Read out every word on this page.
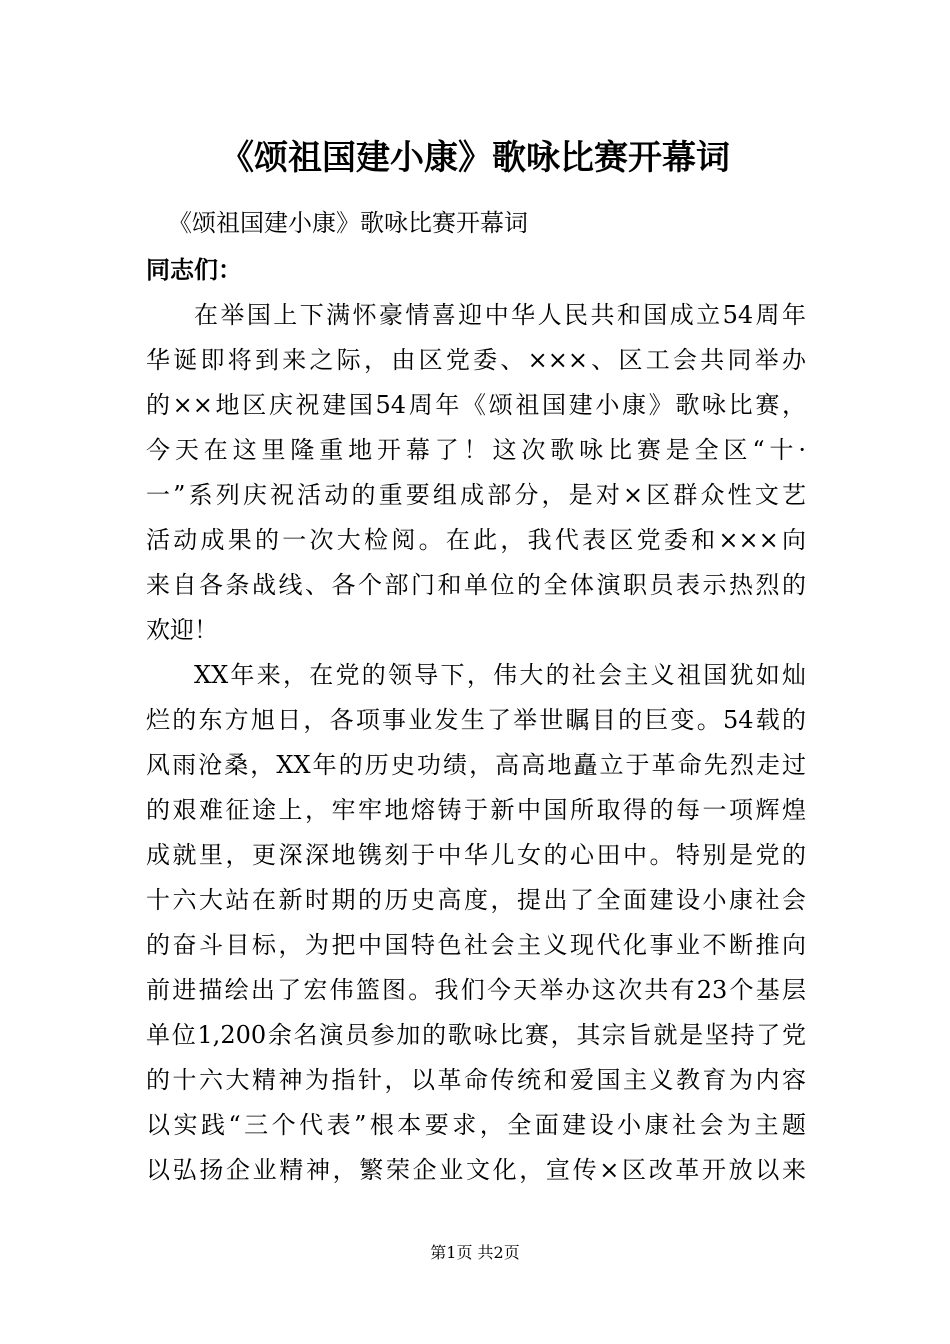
《颂祖国建小康》歌咏比赛开幕词
《颂祖国建小康》歌咏比赛开幕词
同志们：
在举国上下满怀豪情喜迎中华人民共和国成立54周年
华诞即将到来之际，由区党委、×××、区工会共同举办
的××地区庆祝建国54周年《颂祖国建小康》歌咏比赛，
今天在这里隆重地开幕了！这次歌咏比赛是全区“十·
一”系列庆祝活动的重要组成部分，是对×区群众性文艺
活动成果的一次大检阅。在此，我代表区党委和×××向
来自各条战线、各个部门和单位的全体演职员表示热烈的
欢迎！
XX年来，在党的领导下，伟大的社会主义祖国犹如灿
烂的东方旭日，各项事业发生了举世瞩目的巨变。54载的
风雨沧桑，XX年的历史功绩，高高地矗立于革命先烈走过
的艰难征途上，牢牢地熔铸于新中国所取得的每一项辉煌
成就里，更深深地镌刻于中华儿女的心田中。特别是党的
十六大站在新时期的历史高度，提出了全面建设小康社会
的奋斗目标，为把中国特色社会主义现代化事业不断推向
前进描绘出了宏伟篮图。我们今天举办这次共有23个基层
单位1,200余名演员参加的歌咏比赛，其宗旨就是坚持了党
的十六大精神为指针，以革命传统和爱国主义教育为内容
以实践“三个代表”根本要求，全面建设小康社会为主题
以弘扬企业精神，繁荣企业文化，宣传×区改革开放以来
第1页 共2页
